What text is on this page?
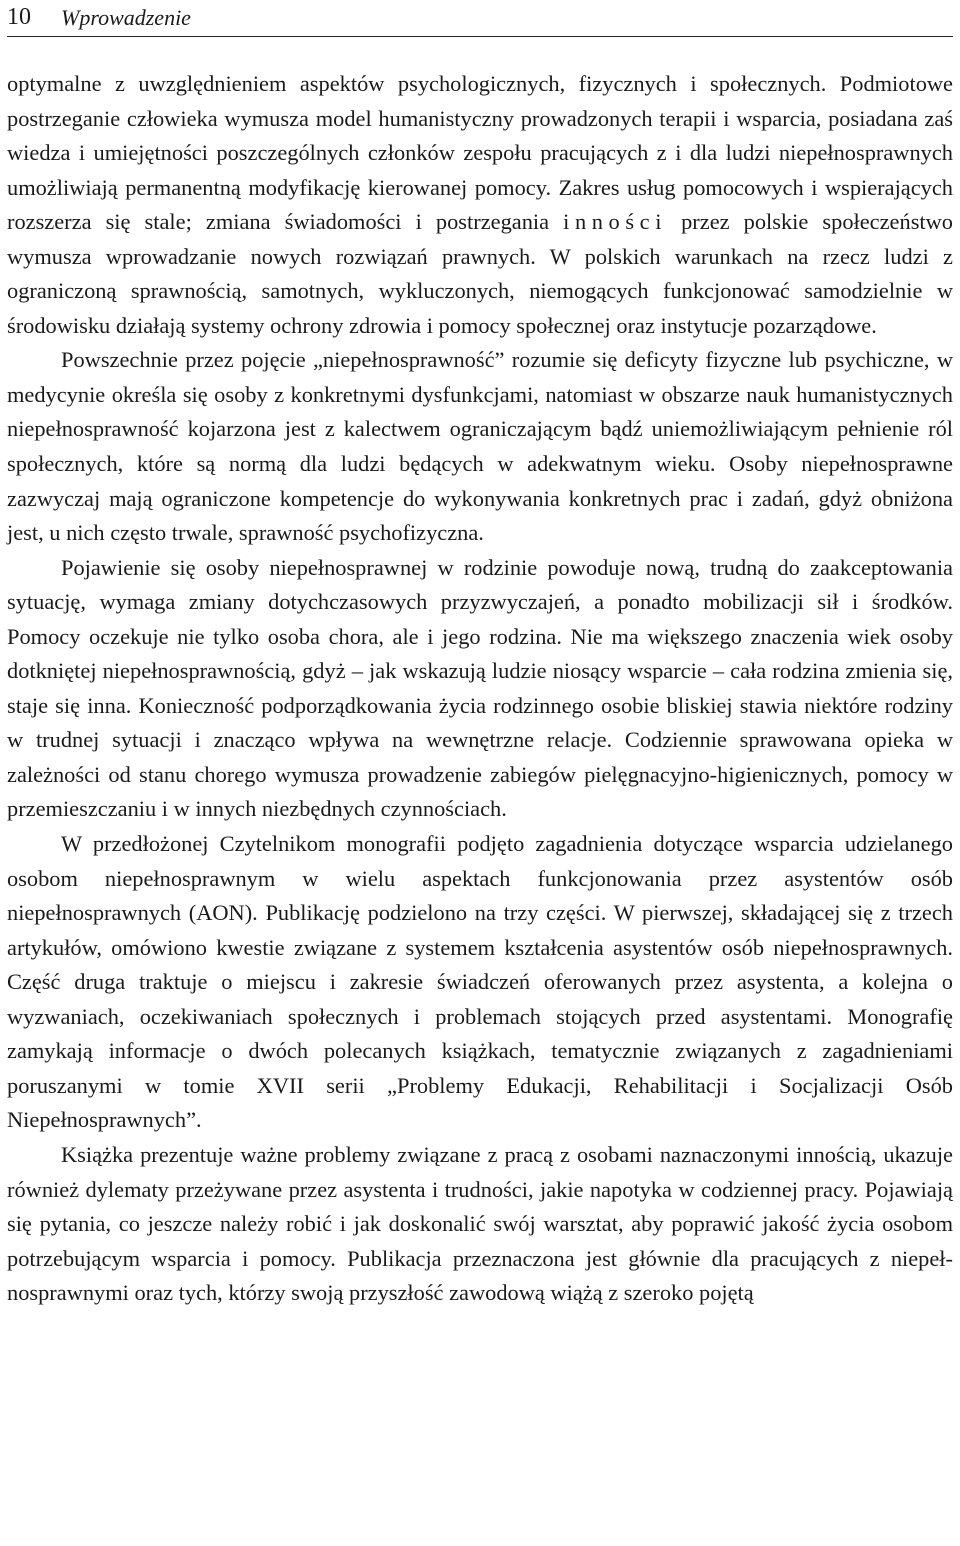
10 Wprowadzenie

optymalne z uwzględnieniem aspektów psychologicznych, fizycznych i społecznych. Podmiotowe postrzeganie człowieka wymusza model humanistyczny prowadzonych terapii i wsparcia, posiadana zaś wiedza i umiejętności poszczególnych członków zespołu pracujących z i dla ludzi niepełnosprawnych umożliwiają permanentną modyfikację kierowanej pomocy. Zakres usług pomocowych i wspierających rozszerza się stale; zmiana świadomości i postrzegania inności przez polskie społeczeństwo wymusza wprowadzanie nowych rozwiązań prawnych. W polskich warunkach na rzecz ludzi z ograniczoną sprawnością, samotnych, wykluczonych, niemogących funkcjonować samodzielnie w środowisku działają systemy ochrony zdrowia i pomocy społecznej oraz instytucje pozarządowe.

Powszechnie przez pojęcie „niepełnosprawność” rozumie się deficyty fizyczne lub psychiczne, w medycynie określa się osoby z konkretnymi dysfunkcjami, natomiast w obszarze nauk humanistycznych niepełnosprawność kojarzona jest z kalectwem ograniczającym bądź uniemożliwiającym pełnienie ról społecznych, które są normą dla ludzi będących w adekwatnym wieku. Osoby niepełnosprawne zazwyczaj mają ograniczone kompetencje do wykonywania konkretnych prac i zadań, gdyż obniżona jest, u nich często trwale, sprawność psychofizyczna.

Pojawienie się osoby niepełnosprawnej w rodzinie powoduje nową, trudną do zaakceptowania sytuację, wymaga zmiany dotychczasowych przyzwyczajeń, a ponadto mobilizacji sił i środków. Pomocy oczekuje nie tylko osoba chora, ale i jego rodzina. Nie ma większego znaczenia wiek osoby dotkniętej niepełnosprawnością, gdyż – jak wskazują ludzie niosący wsparcie – cała rodzina zmienia się, staje się inna. Konieczność podporządkowania życia rodzinnego osobie bliskiej stawia niektóre rodziny w trudnej sytuacji i znacząco wpływa na wewnętrzne relacje. Codziennie sprawowana opieka w zależności od stanu chorego wymusza prowadzenie zabiegów pielęgnacyjno-higienicznych, pomocy w przemieszczaniu i w innych niezbędnych czynnościach.

W przedłożonej Czytelnikom monografii podjęto zagadnienia dotyczące wsparcia udzielanego osobom niepełnosprawnym w wielu aspektach funkcjonowania przez asystentów osób niepełnosprawnych (AON). Publikację podzielono na trzy części. W pierwszej, składającej się z trzech artykułów, omówiono kwestie związane z systemem kształcenia asystentów osób niepełnosprawnych. Część druga traktuje o miejscu i zakresie świadczeń oferowanych przez asystenta, a kolejna o wyzwaniach, oczekiwaniach społecznych i problemach stojących przed asystentami. Monografię zamykają informacje o dwóch polecanych książkach, tematycznie związanych z zagadnieniami poruszanymi w tomie XVII serii „Problemy Edukacji, Rehabilitacji i Socjalizacji Osób Niepełnosprawnych”.

Książka prezentuje ważne problemy związane z pracą z osobami naznaczonymi innością, ukazuje również dylematy przeżywane przez asystenta i trudności, jakie napotyka w codziennej pracy. Pojawiają się pytania, co jeszcze należy robić i jak doskonalić swój warsztat, aby poprawić jakość życia osobom potrzebującym wsparcia i pomocy. Publikacja przeznaczona jest głównie dla pracujących z niepełnosprawnymi oraz tych, którzy swoją przyszłość zawodową wiążą z szeroko pojętą
